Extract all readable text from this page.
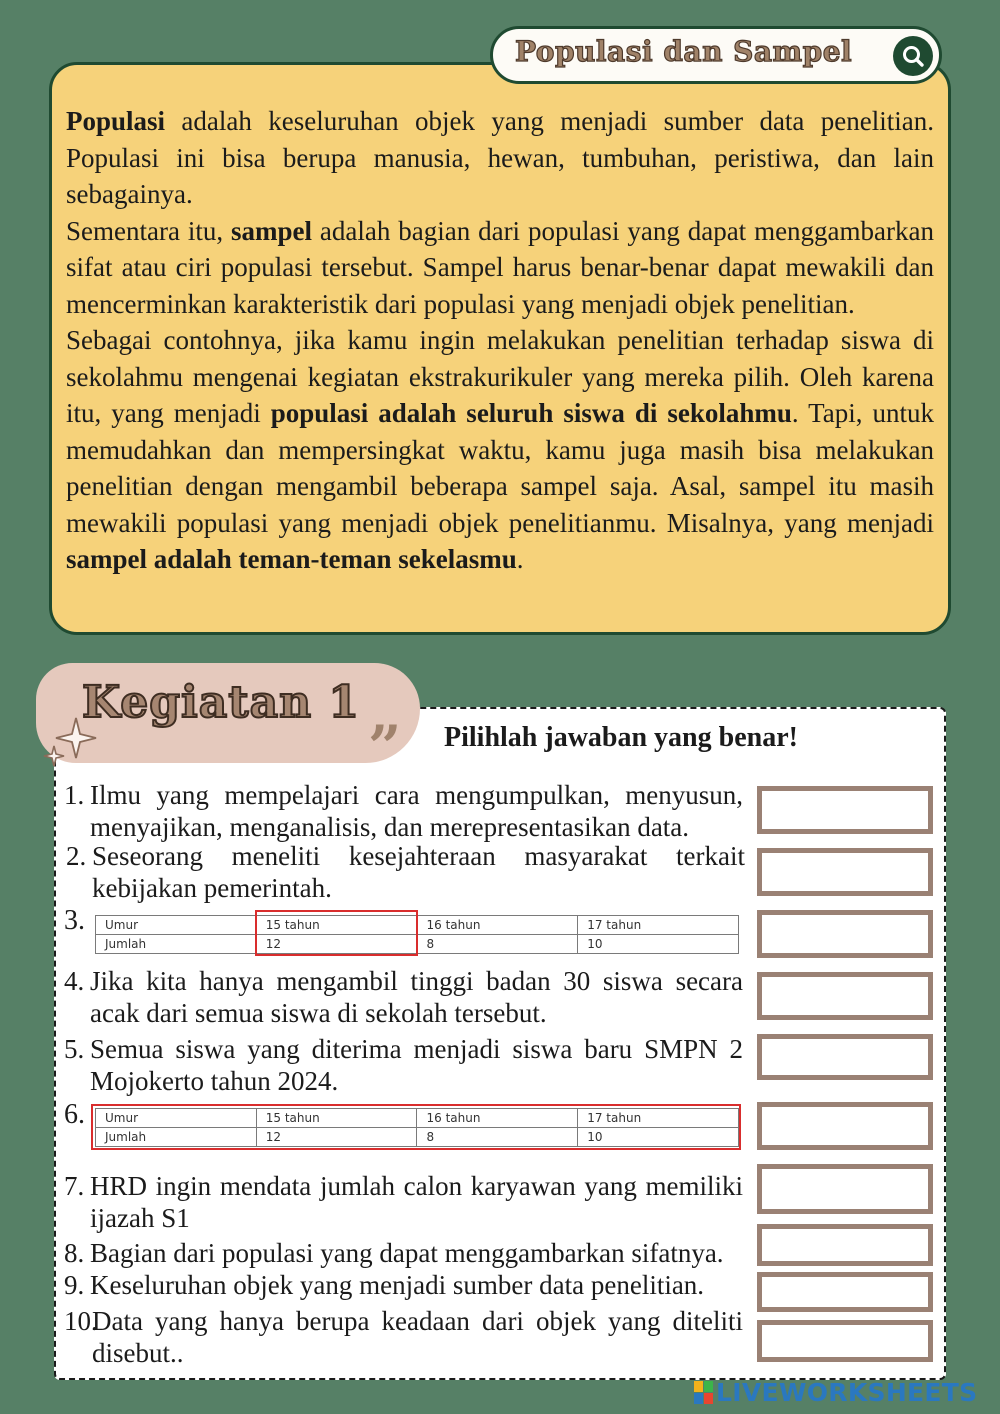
Populasi adalah keseluruhan objek yang menjadi sumber data penelitian. Populasi ini bisa berupa manusia, hewan, tumbuhan, peristiwa, dan lain sebagainya.

Sementara itu, sampel adalah bagian dari populasi yang dapat menggambarkan sifat atau ciri populasi tersebut. Sampel harus benar-benar dapat mewakili dan mencerminkan karakteristik dari populasi yang menjadi objek penelitian.

Sebagai contohnya, jika kamu ingin melakukan penelitian terhadap siswa di sekolahmu mengenai kegiatan ekstrakurikuler yang mereka pilih. Oleh karena itu, yang menjadi populasi adalah seluruh siswa di sekolahmu. Tapi, untuk memudahkan dan mempersingkat waktu, kamu juga masih bisa melakukan penelitian dengan mengambil beberapa sampel saja. Asal, sampel itu masih mewakili populasi yang menjadi objek penelitianmu. Misalnya, yang menjadi sampel adalah teman-teman sekelasmu.

Populasi dan Sampel
Kegiatan 1
” Pilihlah jawaban yang benar!
1. Ilmu yang mempelajari cara mengumpulkan, menyusun, menyajikan, menganalisis, dan merepresentasikan data.
2. Seseorang meneliti kesejahteraan masyarakat terkait kebijakan pemerintah.
3. Umur	15 tahun	16 tahun	17 tahun
Jumlah	12	8	10
4. Jika kita hanya mengambil tinggi badan 30 siswa secara acak dari semua siswa di sekolah tersebut.
5. Semua siswa yang diterima menjadi siswa baru SMPN 2 Mojokerto tahun 2024.
6. Umur	15 tahun	16 tahun	17 tahun
Jumlah	12	8	10
7. HRD ingin mendata jumlah calon karyawan yang memiliki ijazah S1
8. Bagian dari populasi yang dapat menggambarkan sifatnya.
9. Keseluruhan objek yang menjadi sumber data penelitian.
10.
Data yang hanya berupa keadaan dari objek yang diteliti disebut..
LIVEWORKSHEETS
